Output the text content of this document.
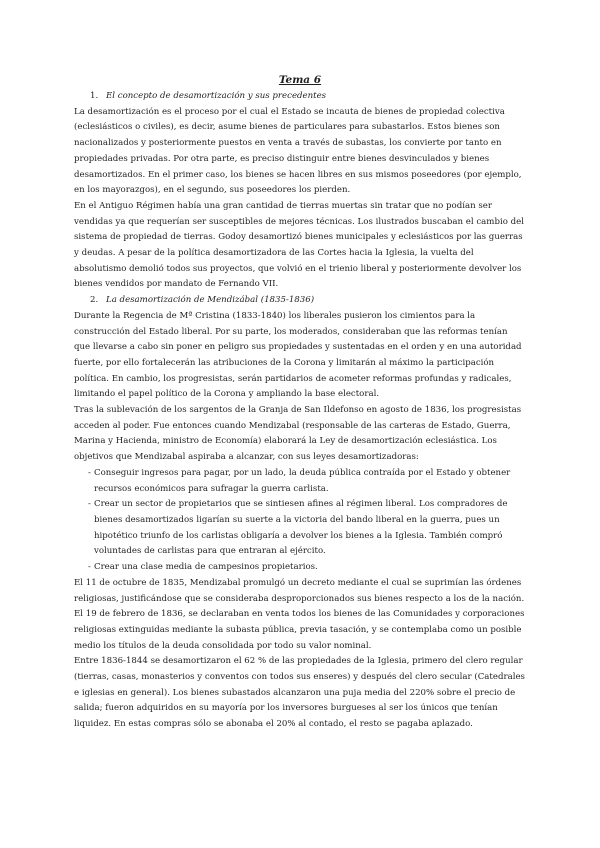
Tema 6
1. El concepto de desamortización y sus precedentes

La desamortización es el proceso por el cual el Estado se incauta de bienes de propiedad colectiva (eclesiásticos o civiles), es decir, asume bienes de particulares para subastarlos. Estos bienes son nacionalizados y posteriormente puestos en venta a través de subastas, los convierte por tanto en propiedades privadas. Por otra parte, es preciso distinguir entre bienes desvinculados y bienes desamortizados. En el primer caso, los bienes se hacen libres en sus mismos poseedores (por ejemplo, en los mayorazgos), en el segundo, sus poseedores los pierden.

En el Antiguo Régimen había una gran cantidad de tierras muertas sin tratar que no podían ser vendidas ya que requerían ser susceptibles de mejores técnicas. Los ilustrados buscaban el cambio del sistema de propiedad de tierras. Godoy desamortizó bienes municipales y eclesiásticos por las guerras y deudas. A pesar de la política desamortizadora de las Cortes hacia la Iglesia, la vuelta del absolutismo demolió todos sus proyectos, que volvió en el trienio liberal y posteriormente devolver los bienes vendidos por mandato de Fernando VII.

2. La desamortización de Mendizábal (1835-1836)

Durante la Regencia de Mª Cristina (1833-1840) los liberales pusieron los cimientos para la construcción del Estado liberal. Por su parte, los moderados, consideraban que las reformas tenían que llevarse a cabo sin poner en peligro sus propiedades y sustentadas en el orden y en una autoridad fuerte, por ello fortalecerán las atribuciones de la Corona y limitarán al máximo la participación política. En cambio, los progresistas, serán partidarios de acometer reformas profundas y radicales, limitando el papel político de la Corona y ampliando la base electoral.

Tras la sublevación de los sargentos de la Granja de San Ildefonso en agosto de 1836, los progresistas acceden al poder. Fue entonces cuando Mendizabal (responsable de las carteras de Estado, Guerra, Marina y Hacienda, ministro de Economía) elaborará la Ley de desamortización eclesiástica. Los objetivos que Mendizabal aspiraba a alcanzar, con sus leyes desamortizadoras:

- Conseguir ingresos para pagar, por un lado, la deuda pública contraída por el Estado y obtener recursos económicos para sufragar la guerra carlista.
- Crear un sector de propietarios que se sintiesen afines al régimen liberal. Los compradores de bienes desamortizados ligarían su suerte a la victoria del bando liberal en la guerra, pues un hipotético triunfo de los carlistas obligaría a devolver los bienes a la Iglesia. También compró voluntades de carlistas para que entraran al ejército.
- Crear una clase media de campesinos propietarios.

El 11 de octubre de 1835, Mendizabal promulgó un decreto mediante el cual se suprimían las órdenes religiosas, justificándose que se consideraba desproporcionados sus bienes respecto a los de la nación. El 19 de febrero de 1836, se declaraban en venta todos los bienes de las Comunidades y corporaciones religiosas extinguidas mediante la subasta pública, previa tasación, y se contemplaba como un posible medio los títulos de la deuda consolidada por todo su valor nominal.

Entre 1836-1844 se desamortizaron el 62 % de las propiedades de la Iglesia, primero del clero regular (tierras, casas, monasterios y conventos con todos sus enseres) y después del clero secular (Catedrales e iglesias en general). Los bienes subastados alcanzaron una puja media del 220% sobre el precio de salida; fueron adquiridos en su mayoría por los inversores burgueses al ser los únicos que tenían liquidez. En estas compras sólo se abonaba el 20% al contado, el resto se pagaba aplazado.
